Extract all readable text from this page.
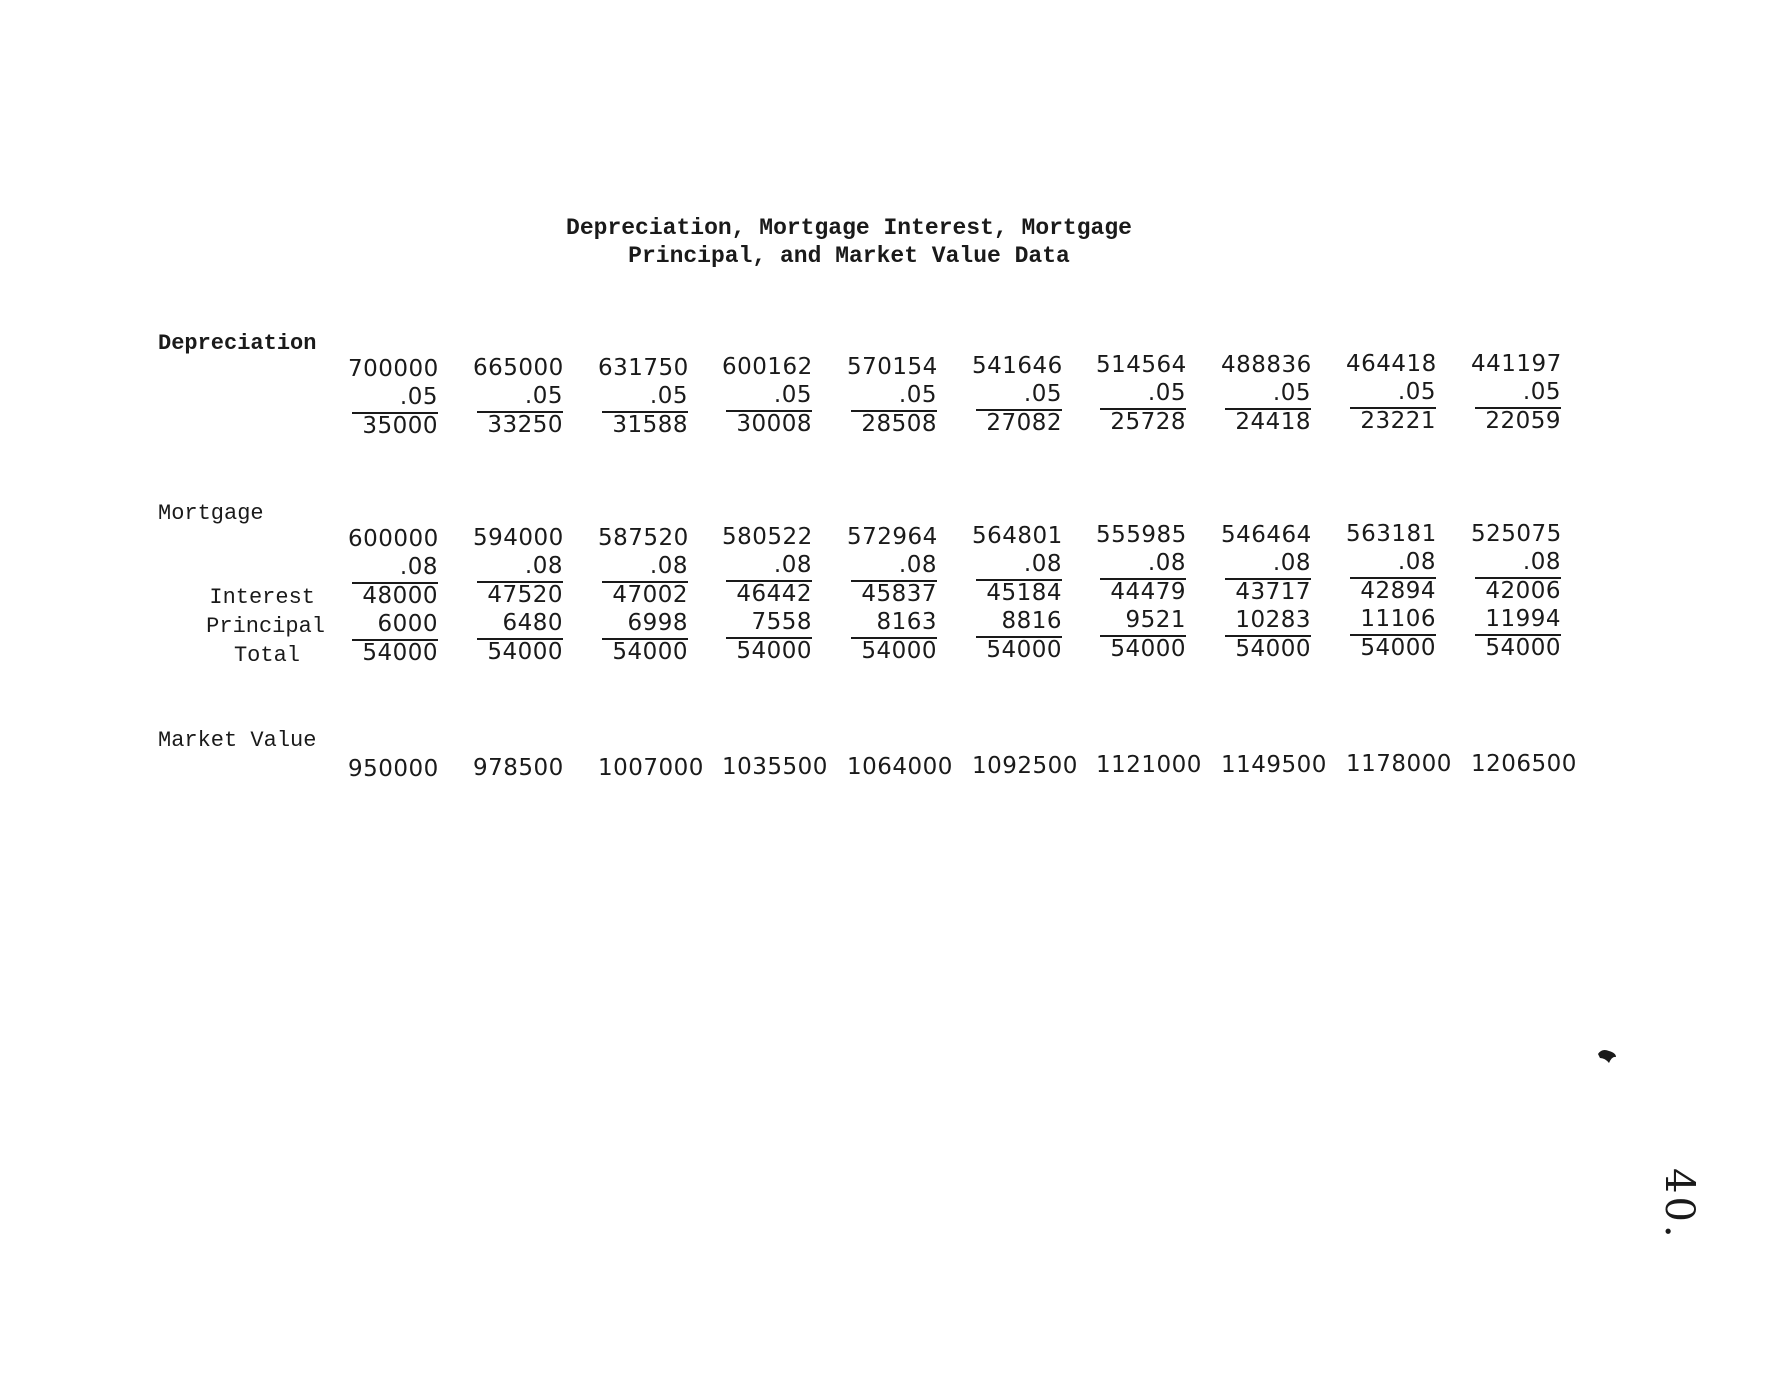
Depreciation, Mortgage Interest, Mortgage
Principal, and Market Value Data
Depreciation
700000
.05
35000
665000
.05
33250
631750
.05
31588
600162
.05
30008
570154
.05
28508
541646
.05
27082
514564
.05
25728
488836
.05
24418
464418
.05
23221
441197
.05
22059
Mortgage
Interest
Principal
Total
600000
.08
48000
6000
54000
594000
.08
47520
6480
54000
587520
.08
47002
6998
54000
580522
.08
46442
7558
54000
572964
.08
45837
8163
54000
564801
.08
45184
8816
54000
555985
.08
44479
9521
54000
546464
.08
43717
10283
54000
563181
.08
42894
11106
54000
525075
.08
42006
11994
54000
Market Value
950000 978500 1007000 1035500 1064000 1092500 1121000 1149500 1178000 1206500
40.
